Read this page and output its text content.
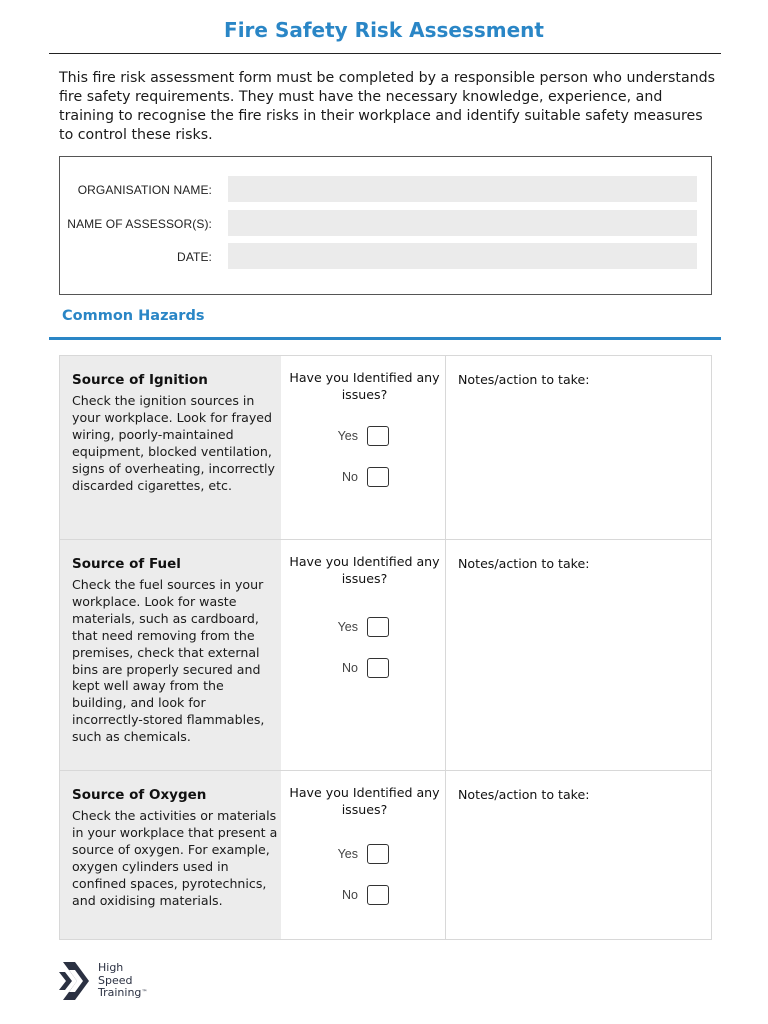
Fire Safety Risk Assessment

This fire risk assessment form must be completed by a responsible person who understands fire safety requirements. They must have the necessary knowledge, experience, and training to recognise the fire risks in their workplace and identify suitable safety measures to control these risks.

ORGANISATION NAME:
NAME OF ASSESSOR(S):
DATE:
Common Hazards
Source of Ignition
Check the ignition sources in your workplace. Look for frayed wiring, poorly-maintained equipment, blocked ventilation, signs of overheating, incorrectly discarded cigarettes, etc.
Have you Identified any issues?
Yes
No
Notes/action to take:
Source of Fuel
Check the fuel sources in your workplace. Look for waste materials, such as cardboard, that need removing from the premises, check that external bins are properly secured and kept well away from the building, and look for incorrectly-stored flammables, such as chemicals.
Have you Identified any issues?
Yes
No
Notes/action to take:
Source of Oxygen
Check the activities or materials in your workplace that present a source of oxygen. For example, oxygen cylinders used in confined spaces, pyrotechnics, and oxidising materials.
Have you Identified any issues?
Yes
No
Notes/action to take:
High
Speed
Training™
